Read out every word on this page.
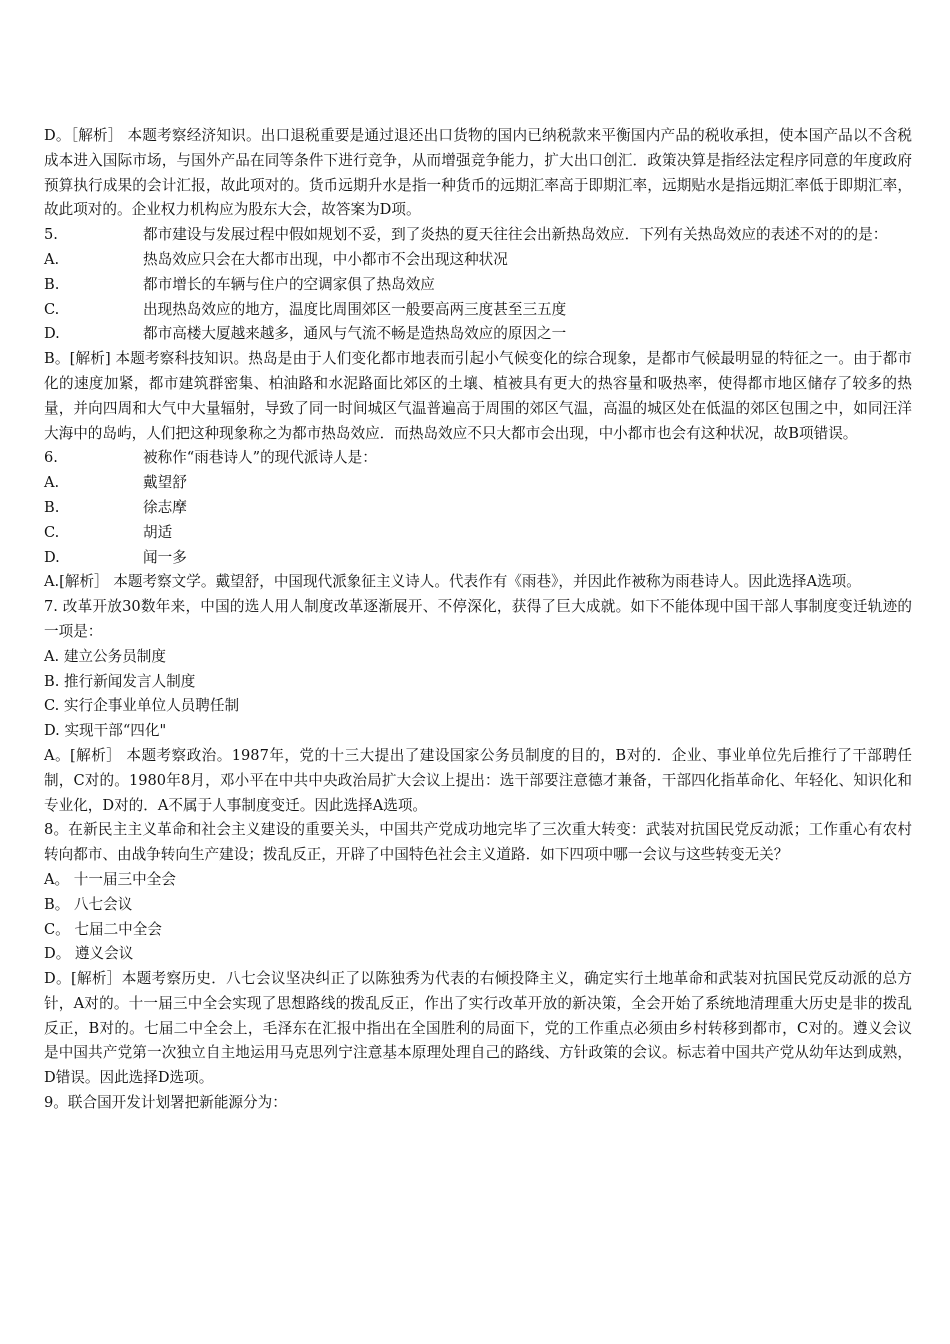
D。［解析］ 本题考察经济知识。出口退税重要是通过退还出口货物的国内已纳税款来平衡国内产品的税收承担，使本国产品以不含税成本进入国际市场，与国外产品在同等条件下进行竞争，从而增强竞争能力，扩大出口创汇．政策决算是指经法定程序同意的年度政府预算执行成果的会计汇报，故此项对的。货币远期升水是指一种货币的远期汇率高于即期汇率，远期贴水是指远期汇率低于即期汇率，故此项对的。企业权力机构应为股东大会，故答案为D项。

5.	都市建设与发展过程中假如规划不妥，到了炎热的夏天往往会出新热岛效应．下列有关热岛效应的表述不对的的是：
A.	热岛效应只会在大都市出现，中小都市不会出现这种状况
B.	都市增长的车辆与住户的空调家俱了热岛效应
C.	出现热岛效应的地方，温度比周围郊区一般要高两三度甚至三五度
D.	都市高楼大厦越来越多，通风与气流不畅是造热岛效应的原因之一

B。[解析] 本题考察科技知识。热岛是由于人们变化都市地表而引起小气候变化的综合现象，是都市气候最明显的特征之一。由于都市化的速度加紧，都市建筑群密集、柏油路和水泥路面比郊区的土壤、植被具有更大的热容量和吸热率，使得都市地区储存了较多的热量，并向四周和大气中大量辐射，导致了同一时间城区气温普遍高于周围的郊区气温，高温的城区处在低温的郊区包围之中，如同汪洋大海中的岛屿，人们把这种现象称之为都市热岛效应．而热岛效应不只大都市会出现，中小都市也会有这种状况，故B项错误。

6.	被称作“雨巷诗人”的现代派诗人是：
A.	戴望舒
B.	徐志摩
C.	胡适
D.	闻一多

A.[解析］ 本题考察文学。戴望舒，中国现代派象征主义诗人。代表作有《雨巷》，并因此作被称为雨巷诗人。因此选择A选项。

7. 改革开放30数年来，中国的选人用人制度改革逐渐展开、不停深化，获得了巨大成就。如下不能体现中国干部人事制度变迁轨迹的一项是：

A. 建立公务员制度

B. 推行新闻发言人制度

C. 实行企事业单位人员聘任制

D. 实现干部“四化"

A。[解析］ 本题考察政治。1987年，党的十三大提出了建设国家公务员制度的目的，B对的．企业、事业单位先后推行了干部聘任制，C对的。1980年8月，邓小平在中共中央政治局扩大会议上提出：选干部要注意德才兼备，干部四化指革命化、年轻化、知识化和专业化，D对的．A不属于人事制度变迁。因此选择A选项。

8。在新民主主义革命和社会主义建设的重要关头，中国共产党成功地完毕了三次重大转变：武装对抗国民党反动派；工作重心有农村转向都市、由战争转向生产建设；拨乱反正，开辟了中国特色社会主义道路．如下四项中哪一会议与这些转变无关？

A。 十一届三中全会

B。 八七会议

C。 七届二中全会

D。 遵义会议

D。[解析］本题考察历史．八七会议坚决纠正了以陈独秀为代表的右倾投降主义，确定实行土地革命和武装对抗国民党反动派的总方针，A对的。十一届三中全会实现了思想路线的拨乱反正，作出了实行改革开放的新决策，全会开始了系统地清理重大历史是非的拨乱反正，B对的。七届二中全会上，毛泽东在汇报中指出在全国胜利的局面下，党的工作重点必须由乡村转移到都市，C对的。遵义会议是中国共产党第一次独立自主地运用马克思列宁注意基本原理处理自己的路线、方针政策的会议。标志着中国共产党从幼年达到成熟，D错误。因此选择D选项。

9。联合国开发计划署把新能源分为：
